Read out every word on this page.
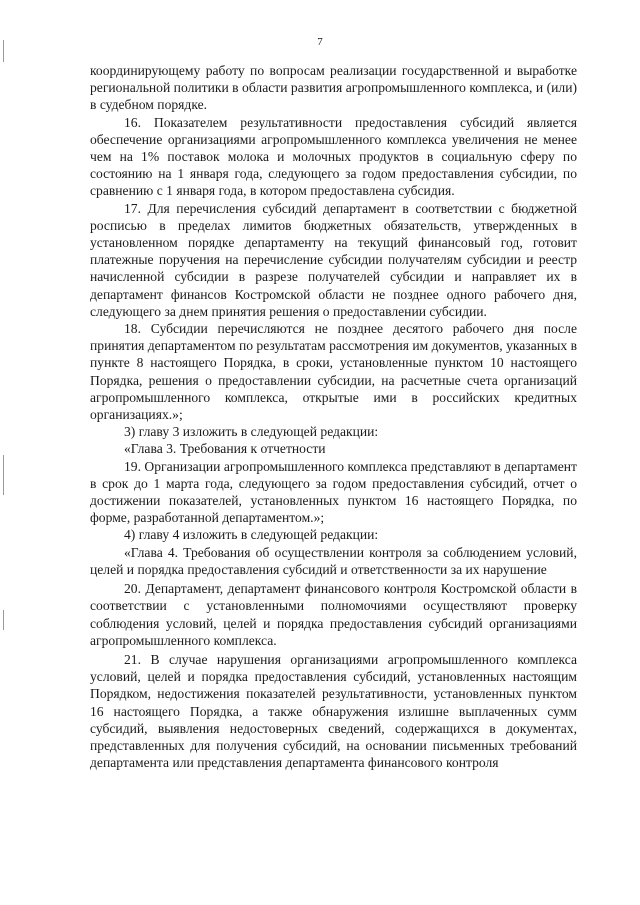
7

координирующему работу по вопросам реализации государственной и выработке региональной политики в области развития агропромышленного комплекса, и (или) в судебном порядке.

16. Показателем результативности предоставления субсидий является обеспечение организациями агропромышленного комплекса увеличения не менее чем на 1% поставок молока и молочных продуктов в социальную сферу по состоянию на 1 января года, следующего за годом предоставления субсидии, по сравнению с 1 января года, в котором предоставлена субсидия.

17. Для перечисления субсидий департамент в соответствии с бюджетной росписью в пределах лимитов бюджетных обязательств, утвержденных в установленном порядке департаменту на текущий финансовый год, готовит платежные поручения на перечисление субсидии получателям субсидии и реестр начисленной субсидии в разрезе получателей субсидии и направляет их в департамент финансов Костромской области не позднее одного рабочего дня, следующего за днем принятия решения о предоставлении субсидии.

18. Субсидии перечисляются не позднее десятого рабочего дня после принятия департаментом по результатам рассмотрения им документов, указанных в пункте 8 настоящего Порядка, в сроки, установленные пунктом 10 настоящего Порядка, решения о предоставлении субсидии, на расчетные счета организаций агропромышленного комплекса, открытые ими в российских кредитных организациях.»;

3) главу 3 изложить в следующей редакции:

«Глава 3. Требования к отчетности

19. Организации агропромышленного комплекса представляют в департамент в срок до 1 марта года, следующего за годом предоставления субсидий, отчет о достижении показателей, установленных пунктом 16 настоящего Порядка, по форме, разработанной департаментом.»;

4) главу 4 изложить в следующей редакции:

«Глава 4. Требования об осуществлении контроля за соблюдением условий, целей и порядка предоставления субсидий и ответственности за их нарушение

20. Департамент, департамент финансового контроля Костромской области в соответствии с установленными полномочиями осуществляют проверку соблюдения условий, целей и порядка предоставления субсидий организациями агропромышленного комплекса.

21. В случае нарушения организациями агропромышленного комплекса условий, целей и порядка предоставления субсидий, установленных настоящим Порядком, недостижения показателей результативности, установленных пунктом 16 настоящего Порядка, а также обнаружения излишне выплаченных сумм субсидий, выявления недостоверных сведений, содержащихся в документах, представленных для получения субсидий, на основании письменных требований департамента или представления департамента финансового контроля
